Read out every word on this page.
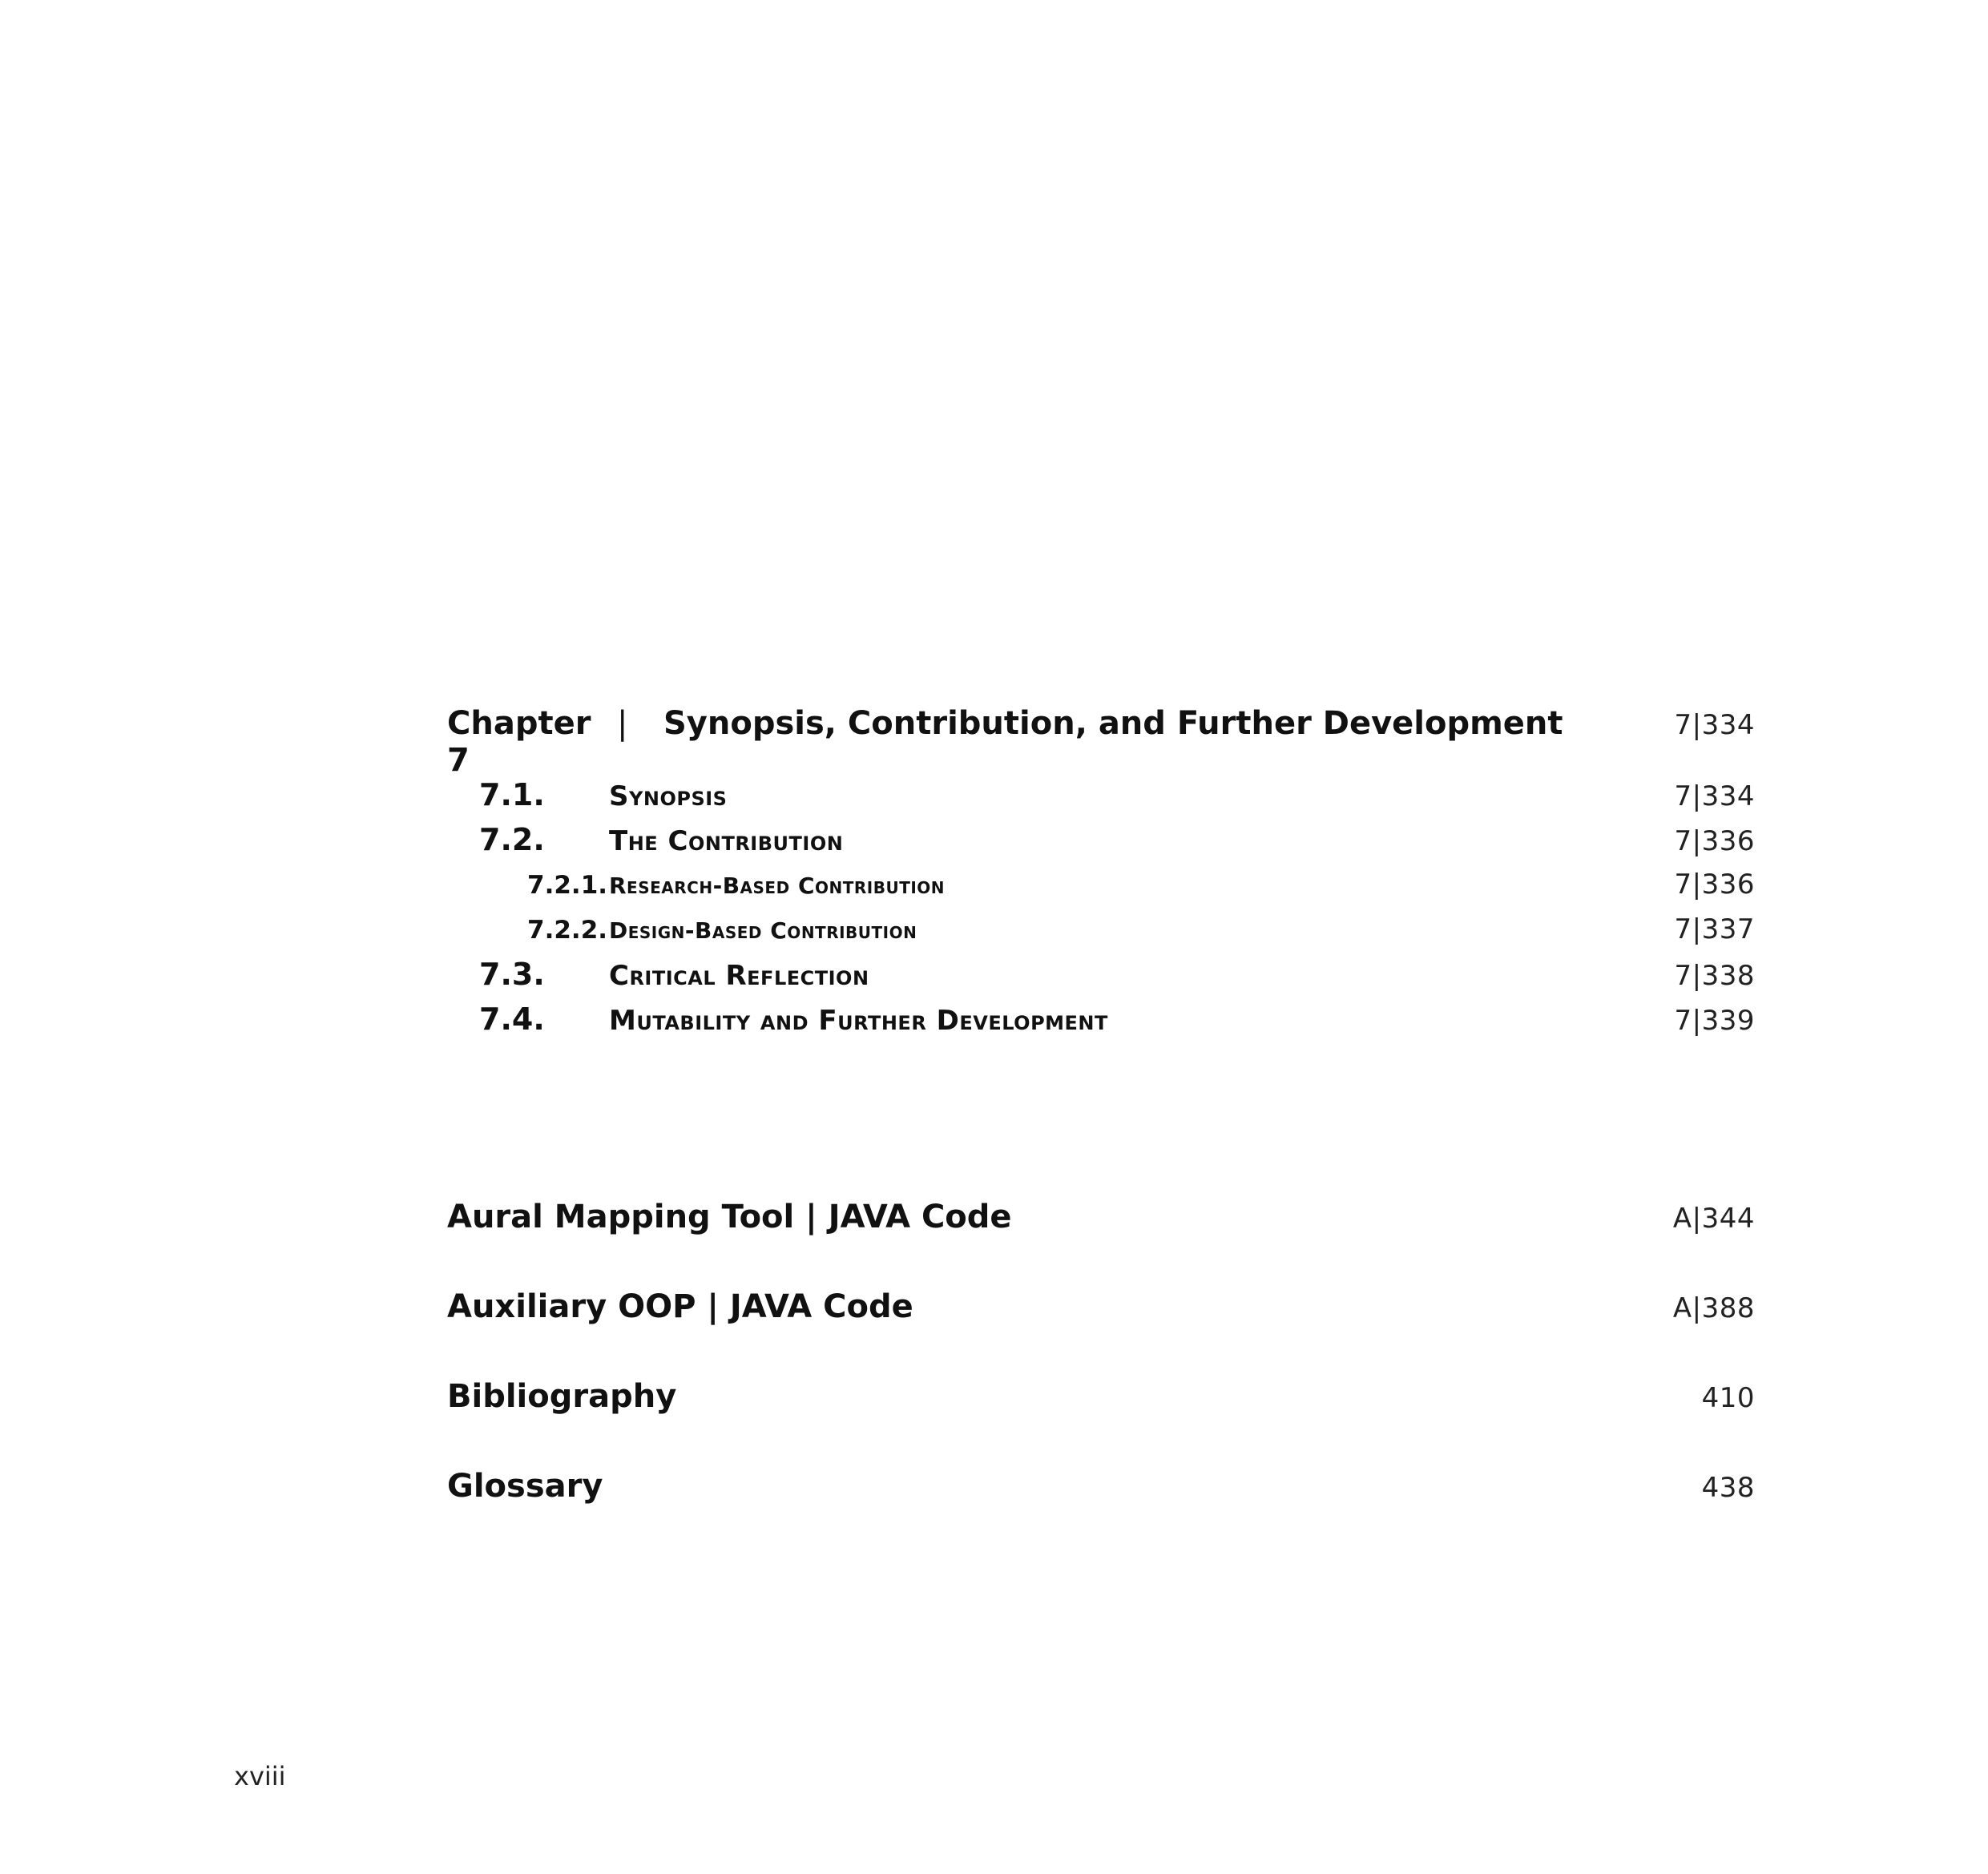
Chapter 7
|	Synopsis, Contribution, and Further Development	7|334
7.1.	Synopsis	7|334
7.2.	The Contribution	7|336
7.2.1. Research-Based Contribution	7|336
7.2.2. Design-Based Contribution	7|337
7.3.	Critical Reflection	7|338
7.4.	Mutability and Further Development	7|339
Aural Mapping Tool | JAVA Code	A|344
Auxiliary OOP | JAVA Code	A|388
Bibliography	410
Glossary	438
xviii
